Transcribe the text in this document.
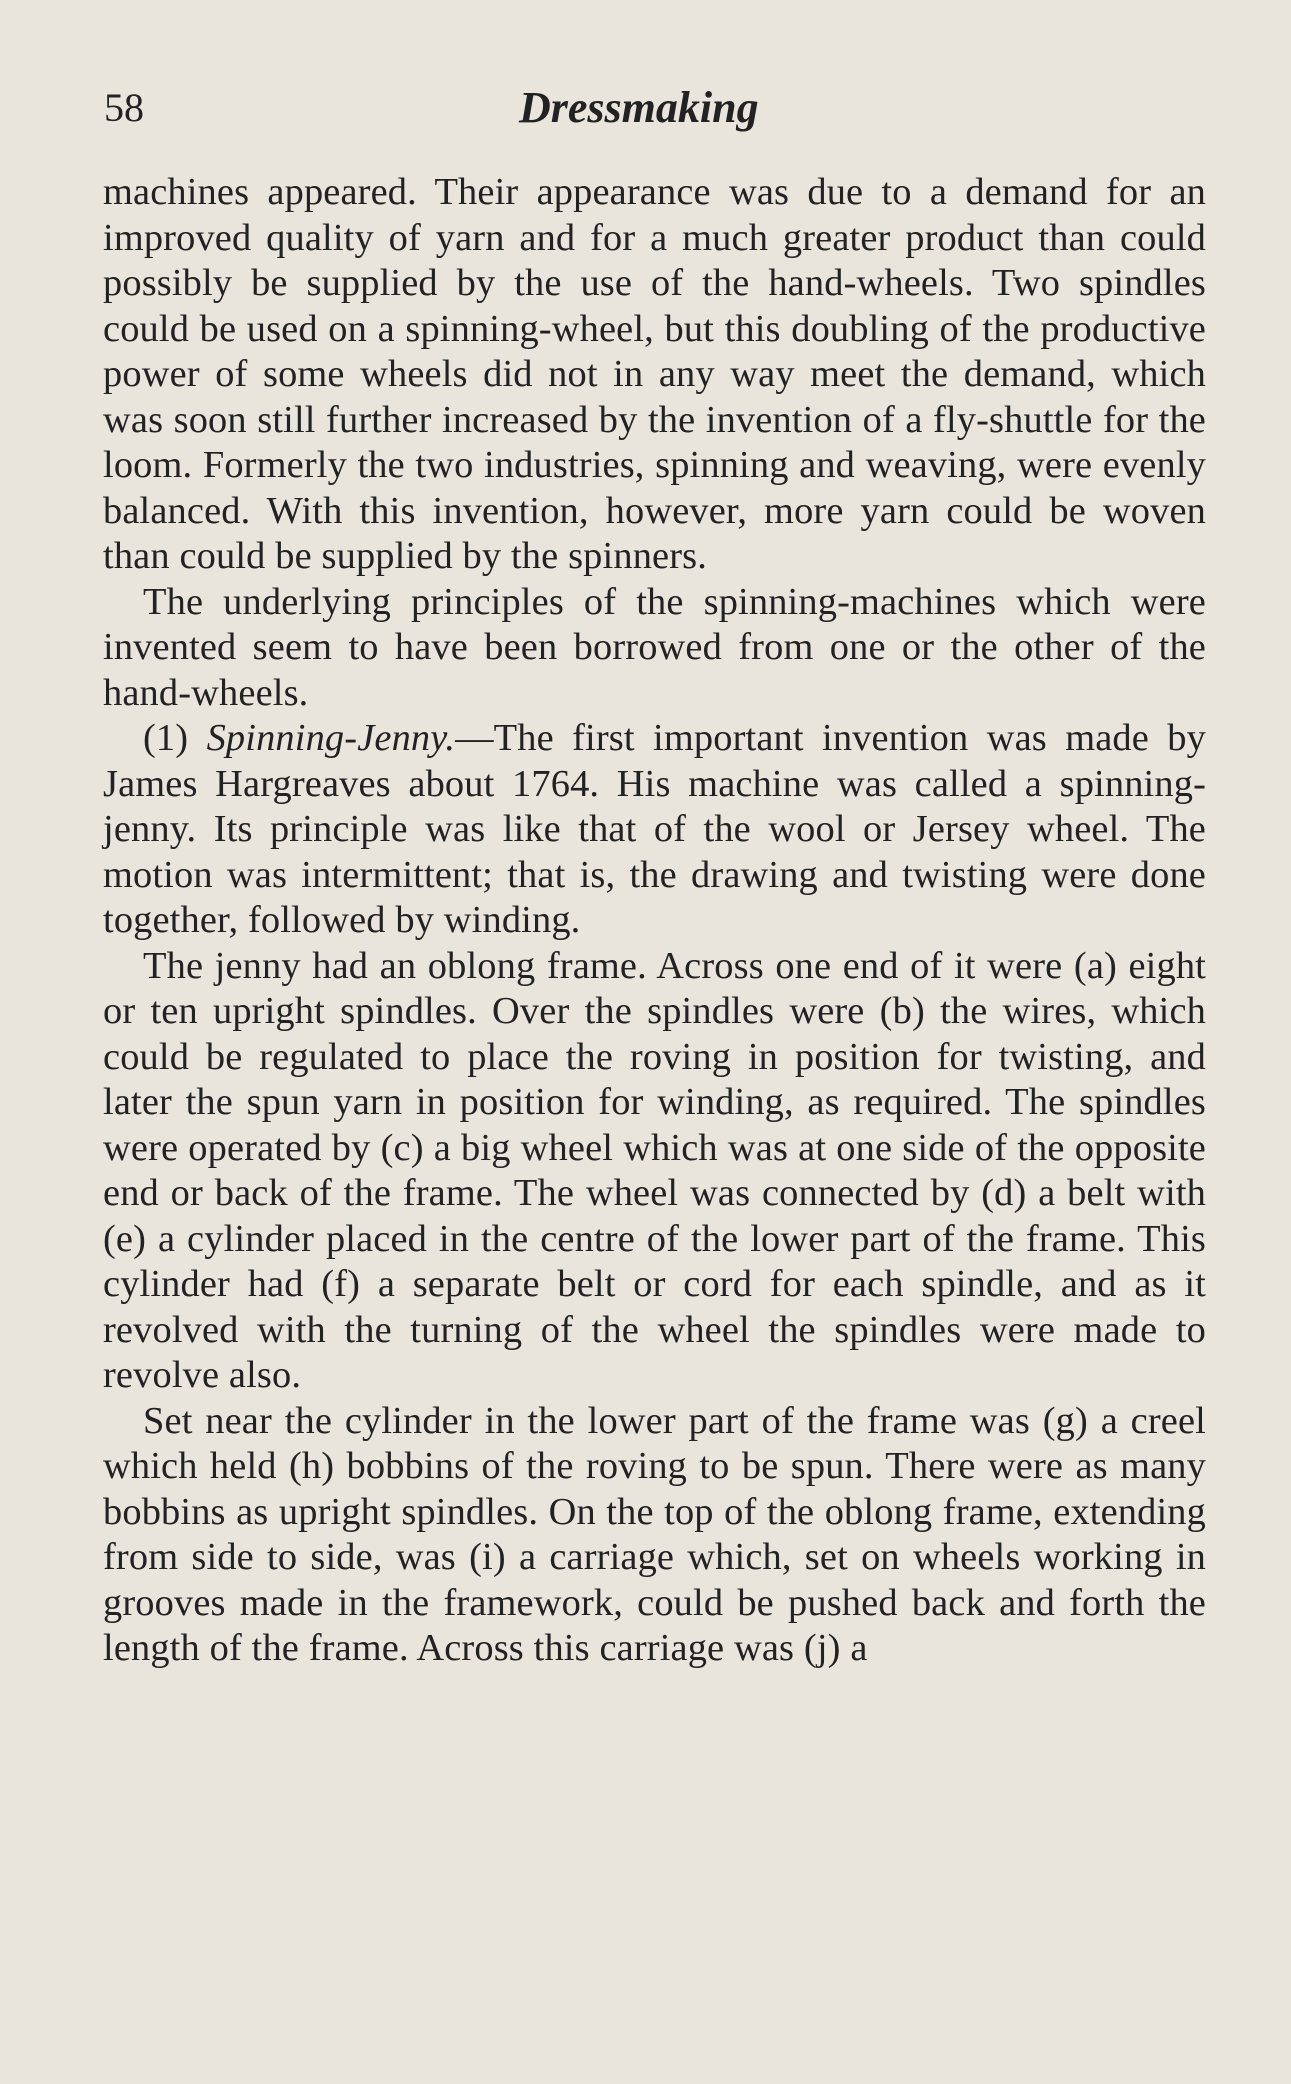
58	Dressmaking

machines appeared. Their appearance was due to a demand for an improved quality of yarn and for a much greater product than could possibly be supplied by the use of the hand-wheels. Two spindles could be used on a spinning-wheel, but this doubling of the productive power of some wheels did not in any way meet the demand, which was soon still further increased by the invention of a fly-shuttle for the loom. Formerly the two industries, spinning and weaving, were evenly balanced. With this invention, however, more yarn could be woven than could be supplied by the spinners.

The underlying principles of the spinning-machines which were invented seem to have been borrowed from one or the other of the hand-wheels.

(1) Spinning-Jenny.—The first important invention was made by James Hargreaves about 1764. His machine was called a spinning-jenny. Its principle was like that of the wool or Jersey wheel. The motion was intermittent; that is, the drawing and twisting were done together, followed by winding.

The jenny had an oblong frame. Across one end of it were (a) eight or ten upright spindles. Over the spindles were (b) the wires, which could be regulated to place the roving in position for twisting, and later the spun yarn in position for winding, as required. The spindles were operated by (c) a big wheel which was at one side of the opposite end or back of the frame. The wheel was connected by (d) a belt with (e) a cylinder placed in the centre of the lower part of the frame. This cylinder had (f) a separate belt or cord for each spindle, and as it revolved with the turning of the wheel the spindles were made to revolve also.

Set near the cylinder in the lower part of the frame was (g) a creel which held (h) bobbins of the roving to be spun. There were as many bobbins as upright spindles. On the top of the oblong frame, extending from side to side, was (i) a carriage which, set on wheels working in grooves made in the framework, could be pushed back and forth the length of the frame. Across this carriage was (j) a
